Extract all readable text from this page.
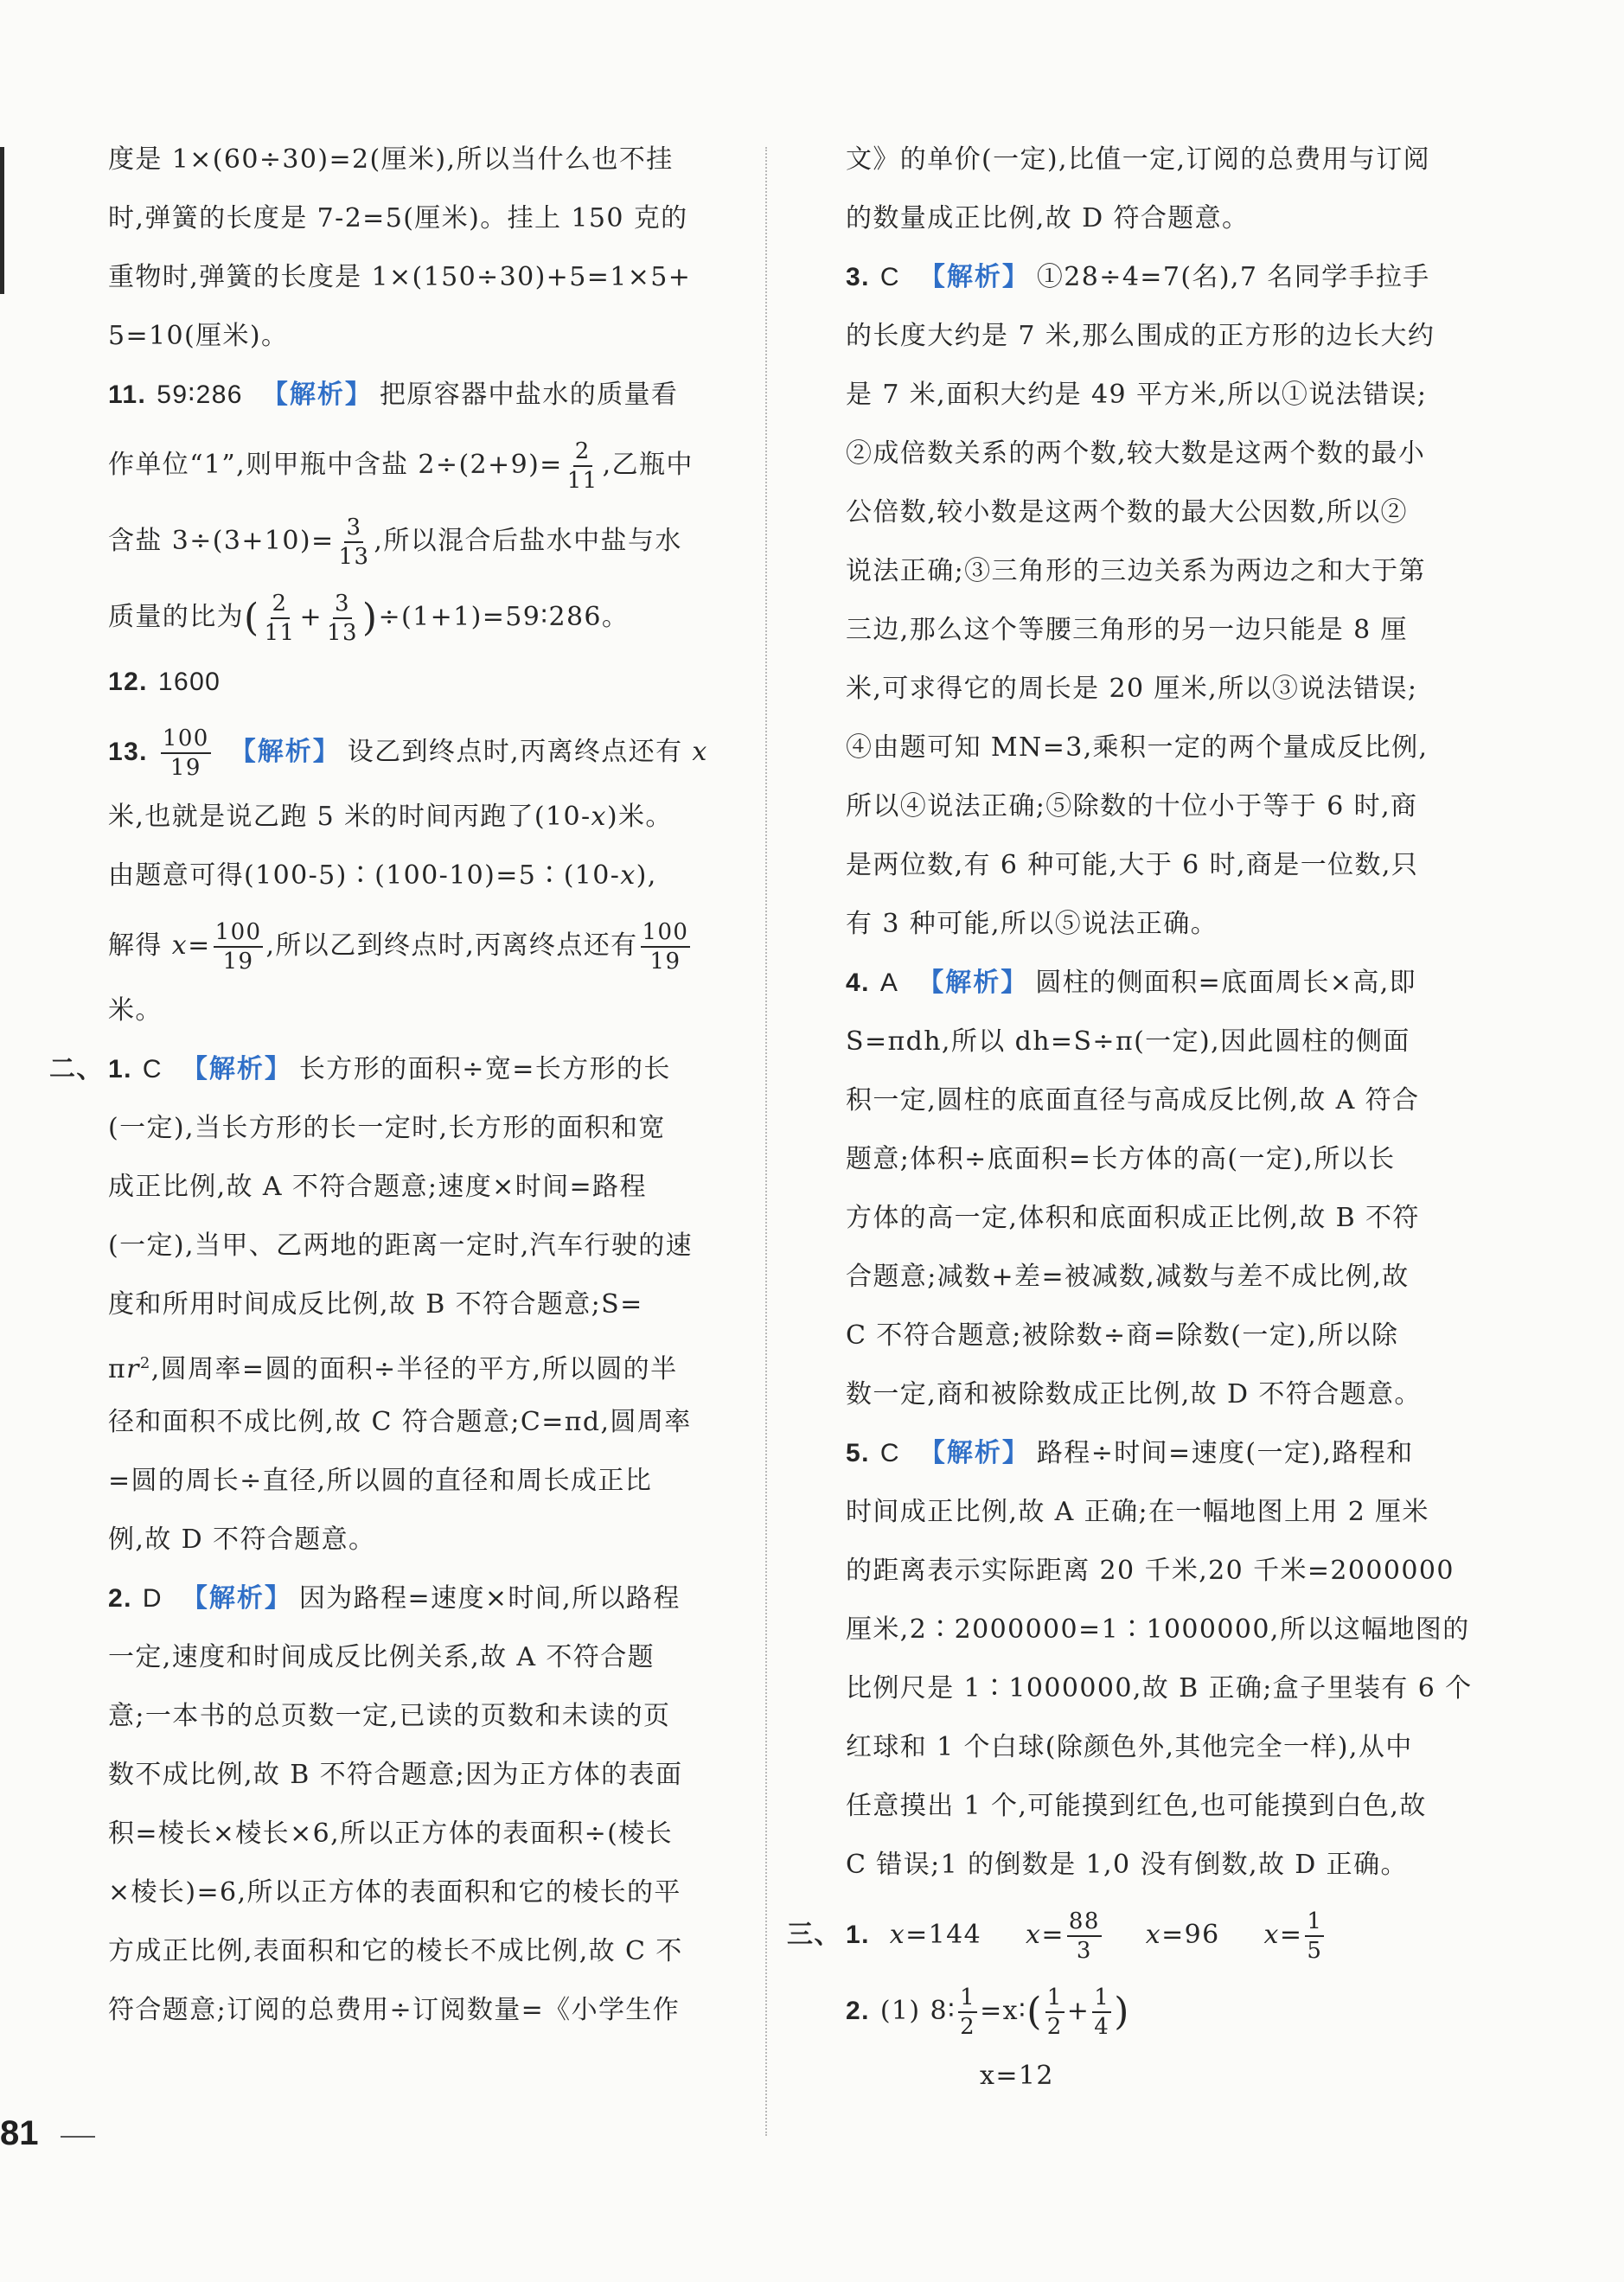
度是 1×(60÷30)=2(厘米),所以当什么也不挂
时,弹簧的长度是 7-2=5(厘米)。挂上 150 克的
重物时,弹簧的长度是 1×(150÷30)+5=1×5+
5=10(厘米)。
11. 59∶286 【解析】 把原容器中盐水的质量看
作单位“1”,则甲瓶中含盐 $2\div(2+9)= \frac{2}{11}$ ,乙瓶中
含盐 $3\div(3+10)= \frac{3}{13}$ ,所以混合后盐水中盐与水
质量的比为( $\frac{2}{11} + \frac{3}{13}$ )÷(1+1)=59∶286。
12. 1600
13. $\frac{100}{19}$ 【解析】 设乙到终点时,丙离终点还有 x
米,也就是说乙跑 5 米的时间丙跑了(10-x)米。
由题意可得(100-5)∶(100-10)=5∶(10-x),
解得 $x= \frac{100}{19}$ ,所以乙到终点时,丙离终点还有 $\frac{100}{19}$
米。
二、 1. C 【解析】 长方形的面积÷宽=长方形的长
(一定),当长方形的长一定时,长方形的面积和宽
成正比例,故 A 不符合题意;速度×时间=路程
(一定),当甲、乙两地的距离一定时,汽车行驶的速
度和所用时间成反比例,故 B 不符合题意;S=
$\pi r^2$,圆周率=圆的面积÷半径的平方,所以圆的半
径和面积不成比例,故 C 符合题意;C=πd,圆周率
=圆的周长÷直径,所以圆的直径和周长成正比
例,故 D 不符合题意。
2. D 【解析】 因为路程=速度×时间,所以路程
一定,速度和时间成反比例关系,故 A 不符合题
意;一本书的总页数一定,已读的页数和未读的页
数不成比例,故 B 不符合题意;因为正方体的表面
积=棱长×棱长×6,所以正方体的表面积÷(棱长
×棱长)=6,所以正方体的表面积和它的棱长的平
方成正比例,表面积和它的棱长不成比例,故 C 不
符合题意;订阅的总费用÷订阅数量=《小学生作
文》的单价(一定),比值一定,订阅的总费用与订阅
的数量成正比例,故 D 符合题意。
3. C 【解析】 ①28÷4=7(名),7 名同学手拉手
的长度大约是 7 米,那么围成的正方形的边长大约
是 7 米,面积大约是 49 平方米,所以①说法错误;
②成倍数关系的两个数,较大数是这两个数的最小
公倍数,较小数是这两个数的最大公因数,所以②
说法正确;③三角形的三边关系为两边之和大于第
三边,那么这个等腰三角形的另一边只能是 8 厘
米,可求得它的周长是 20 厘米,所以③说法错误;
④由题可知 MN=3,乘积一定的两个量成反比例,
所以④说法正确;⑤除数的十位小于等于 6 时,商
是两位数,有 6 种可能,大于 6 时,商是一位数,只
有 3 种可能,所以⑤说法正确。
4. A 【解析】 圆柱的侧面积=底面周长×高,即
S=πdh,所以 dh=S÷π(一定),因此圆柱的侧面
积一定,圆柱的底面直径与高成反比例,故 A 符合
题意;体积÷底面积=长方体的高(一定),所以长
方体的高一定,体积和底面积成正比例,故 B 不符
合题意;减数+差=被减数,减数与差不成比例,故
C 不符合题意;被除数÷商=除数(一定),所以除
数一定,商和被除数成正比例,故 D 不符合题意。
5. C 【解析】 路程÷时间=速度(一定),路程和
时间成正比例,故 A 正确;在一幅地图上用 2 厘米
的距离表示实际距离 20 千米,20 千米=2000000
厘米,2∶2000000=1∶1000000,所以这幅地图的
比例尺是 1∶1000000,故 B 正确;盒子里装有 6 个
红球和 1 个白球(除颜色外,其他完全一样),从中
任意摸出 1 个,可能摸到红色,也可能摸到白色,故
C 错误;1 的倒数是 1,0 没有倒数,故 D 正确。
三、 1. x=144 $x= \frac{88}{3} x=96$ $x= \frac{1}{5}$
2. (1) 8∶ $\frac{1}{2}$ =x∶( $\frac{1}{2} + \frac{1}{4}$ )
x=12
81
